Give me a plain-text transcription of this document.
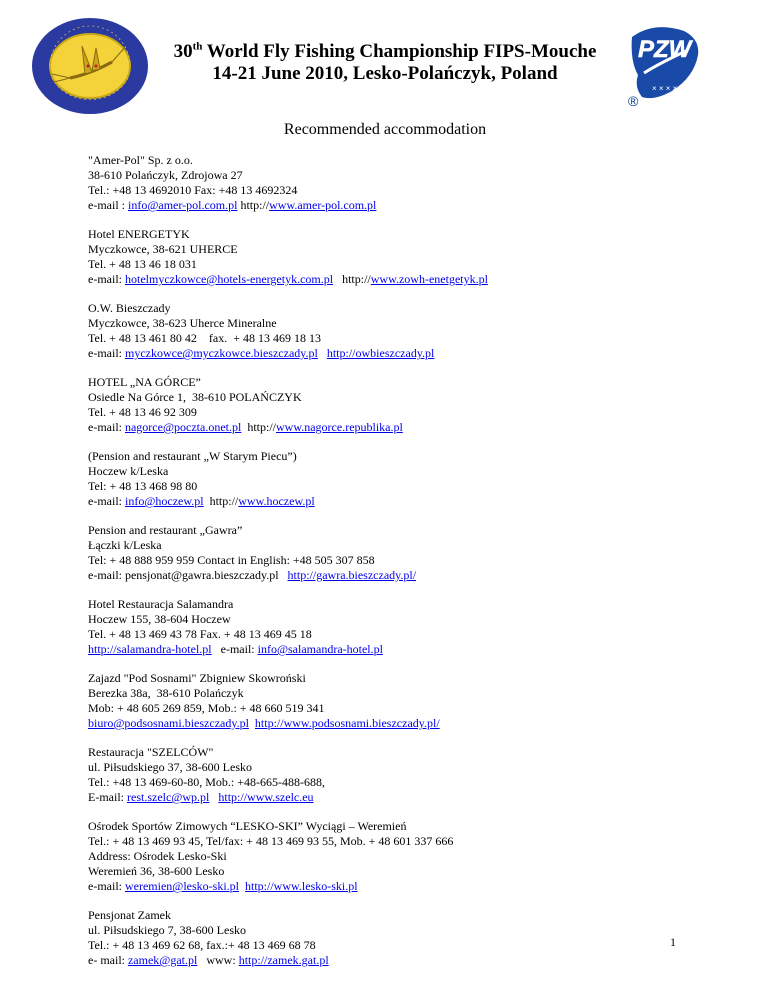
30th World Fly Fishing Championship FIPS-Mouche
14-21 June 2010, Lesko-Polańczyk, Poland
PZW
× × × × ×
®
Recommended accommodation
"Amer-Pol" Sp. z o.o.
38-610 Polańczyk, Zdrojowa 27
Tel.: +48 13 4692010 Fax: +48 13 4692324
e-mail : info@amer-pol.com.pl http://www.amer-pol.com.pl
Hotel ENERGETYK
Myczkowce, 38-621 UHERCE
Tel. + 48 13 46 18 031
e-mail: hotelmyczkowce@hotels-energetyk.com.pl   http://www.zowh-enetgetyk.pl
O.W. Bieszczady
Myczkowce, 38-623 Uherce Mineralne
Tel. + 48 13 461 80 42    fax.  + 48 13 469 18 13
e-mail: myczkowce@myczkowce.bieszczady.pl http://owbieszczady.pl
HOTEL „NA GÓRCE”
Osiedle Na Górce 1,  38-610 POLAŃCZYK
Tel. + 48 13 46 92 309
e-mail: nagorce@poczta.onet.pl  http://www.nagorce.republika.pl
(Pension and restaurant „W Starym Piecu”)
Hoczew k/Leska
Tel: + 48 13 468 98 80
e-mail: info@hoczew.pl  http://www.hoczew.pl
Pension and restaurant „Gawra”
Łączki k/Leska
Tel: + 48 888 959 959 Contact in English: +48 505 307 858
e-mail: pensjonat@gawra.bieszczady.pl   http://gawra.bieszczady.pl/
Hotel Restauracja Salamandra
Hoczew 155, 38-604 Hoczew
Tel. + 48 13 469 43 78 Fax. + 48 13 469 45 18
http://salamandra-hotel.pl   e-mail: info@salamandra-hotel.pl
Zajazd "Pod Sosnami" Zbigniew Skowroński
Berezka 38a,  38-610 Polańczyk
Mob: + 48 605 269 859, Mob.: + 48 660 519 341
biuro@podsosnami.bieszczady.pl http://www.podsosnami.bieszczady.pl/
Restauracja "SZELCÓW"
ul. Piłsudskiego 37, 38-600 Lesko
Tel.: +48 13 469-60-80, Mob.: +48-665-488-688,
E-mail: rest.szelc@wp.pl http://www.szelc.eu
Ośrodek Sportów Zimowych “LESKO-SKI” Wyciągi – Weremień
Tel.: + 48 13 469 93 45, Tel/fax: + 48 13 469 93 55, Mob. + 48 601 337 666
Address: Ośrodek Lesko-Ski
Weremień 36, 38-600 Lesko
e-mail: weremien@lesko-ski.pl http://www.lesko-ski.pl
Pensjonat Zamek
ul. Piłsudskiego 7, 38-600 Lesko
Tel.: + 48 13 469 62 68, fax.:+ 48 13 469 68 78
e- mail: zamek@gat.pl   www: http://zamek.gat.pl
1
